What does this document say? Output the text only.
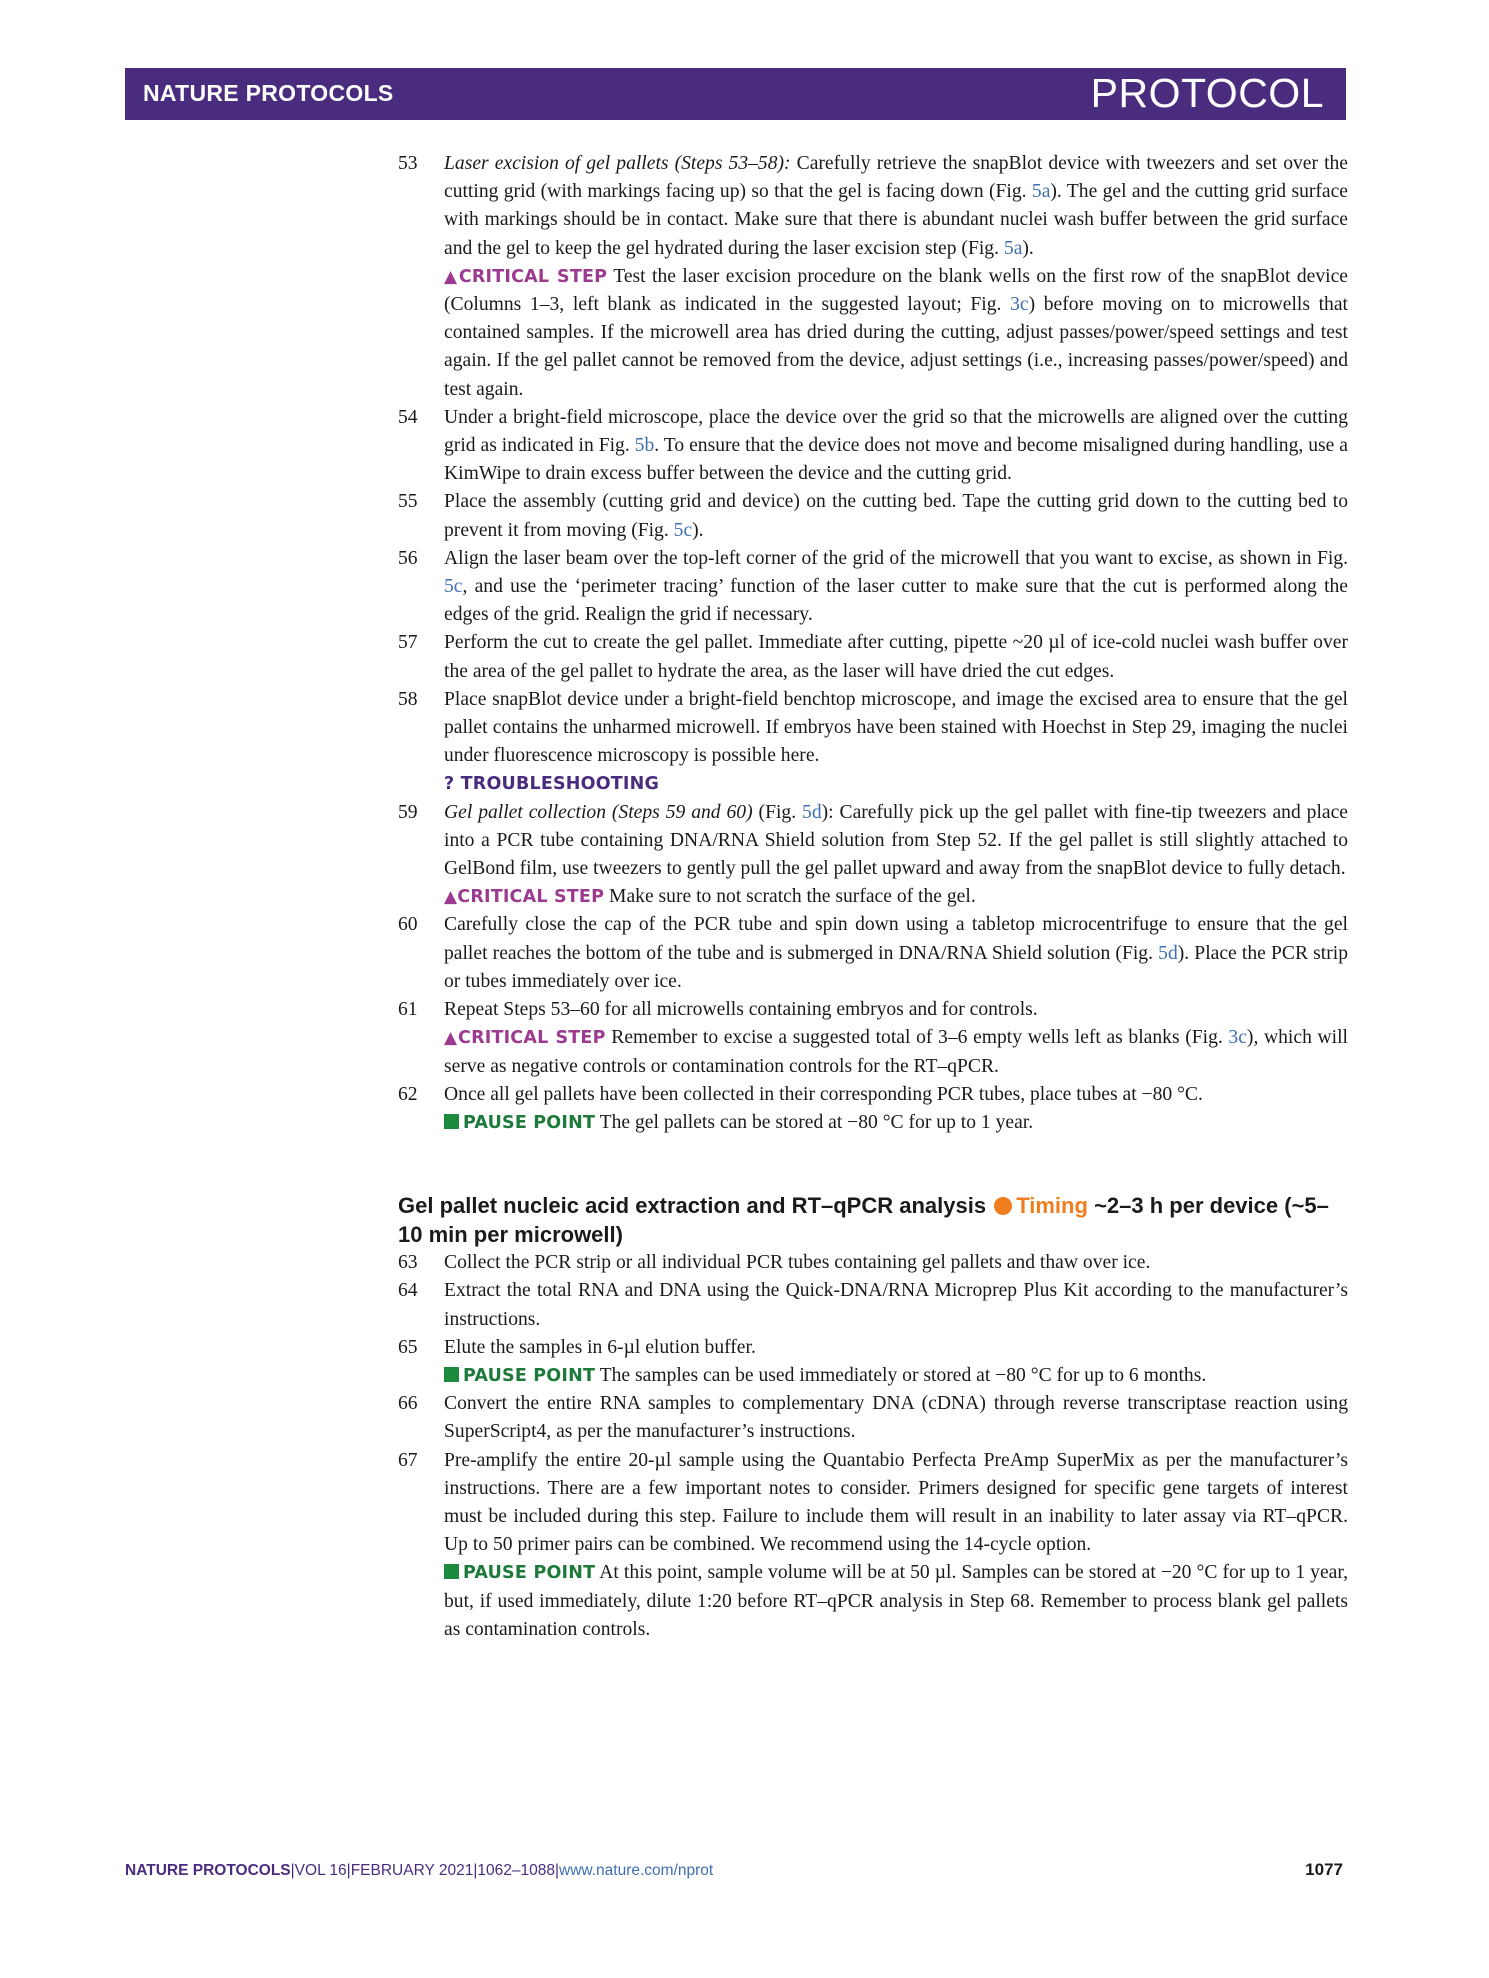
NATURE PROTOCOLS	PROTOCOL
53 Laser excision of gel pallets (Steps 53–58): Carefully retrieve the snapBlot device with tweezers and set over the cutting grid (with markings facing up) so that the gel is facing down (Fig. 5a). The gel and the cutting grid surface with markings should be in contact. Make sure that there is abundant nuclei wash buffer between the grid surface and the gel to keep the gel hydrated during the laser excision step (Fig. 5a).
▲CRITICAL STEP Test the laser excision procedure on the blank wells on the first row of the snapBlot device (Columns 1–3, left blank as indicated in the suggested layout; Fig. 3c) before moving on to microwells that contained samples. If the microwell area has dried during the cutting, adjust passes/power/speed settings and test again. If the gel pallet cannot be removed from the device, adjust settings (i.e., increasing passes/power/speed) and test again.
54 Under a bright-field microscope, place the device over the grid so that the microwells are aligned over the cutting grid as indicated in Fig. 5b. To ensure that the device does not move and become misaligned during handling, use a KimWipe to drain excess buffer between the device and the cutting grid.
55 Place the assembly (cutting grid and device) on the cutting bed. Tape the cutting grid down to the cutting bed to prevent it from moving (Fig. 5c).
56 Align the laser beam over the top-left corner of the grid of the microwell that you want to excise, as shown in Fig. 5c, and use the ‘perimeter tracing’ function of the laser cutter to make sure that the cut is performed along the edges of the grid. Realign the grid if necessary.
57 Perform the cut to create the gel pallet. Immediate after cutting, pipette ~20 µl of ice-cold nuclei wash buffer over the area of the gel pallet to hydrate the area, as the laser will have dried the cut edges.
58 Place snapBlot device under a bright-field benchtop microscope, and image the excised area to ensure that the gel pallet contains the unharmed microwell. If embryos have been stained with Hoechst in Step 29, imaging the nuclei under fluorescence microscopy is possible here.
? TROUBLESHOOTING
59 Gel pallet collection (Steps 59 and 60) (Fig. 5d): Carefully pick up the gel pallet with fine-tip tweezers and place into a PCR tube containing DNA/RNA Shield solution from Step 52. If the gel pallet is still slightly attached to GelBond film, use tweezers to gently pull the gel pallet upward and away from the snapBlot device to fully detach.
▲CRITICAL STEP Make sure to not scratch the surface of the gel.
60 Carefully close the cap of the PCR tube and spin down using a tabletop microcentrifuge to ensure that the gel pallet reaches the bottom of the tube and is submerged in DNA/RNA Shield solution (Fig. 5d). Place the PCR strip or tubes immediately over ice.
61 Repeat Steps 53–60 for all microwells containing embryos and for controls.
▲CRITICAL STEP Remember to excise a suggested total of 3–6 empty wells left as blanks (Fig. 3c), which will serve as negative controls or contamination controls for the RT–qPCR.
62 Once all gel pallets have been collected in their corresponding PCR tubes, place tubes at −80 °C.
PAUSE POINT The gel pallets can be stored at −80 °C for up to 1 year.
Gel pallet nucleic acid extraction and RT–qPCR analysis Timing ~2–3 h per device (~5–10 min per microwell)
63 Collect the PCR strip or all individual PCR tubes containing gel pallets and thaw over ice.
64 Extract the total RNA and DNA using the Quick-DNA/RNA Microprep Plus Kit according to the manufacturer’s instructions.
65 Elute the samples in 6-µl elution buffer.
PAUSE POINT The samples can be used immediately or stored at −80 °C for up to 6 months.
66 Convert the entire RNA samples to complementary DNA (cDNA) through reverse transcriptase reaction using SuperScript4, as per the manufacturer’s instructions.
67 Pre-amplify the entire 20-µl sample using the Quantabio Perfecta PreAmp SuperMix as per the manufacturer’s instructions. There are a few important notes to consider. Primers designed for specific gene targets of interest must be included during this step. Failure to include them will result in an inability to later assay via RT–qPCR. Up to 50 primer pairs can be combined. We recommend using the 14-cycle option.
PAUSE POINT At this point, sample volume will be at 50 µl. Samples can be stored at −20 °C for up to 1 year, but, if used immediately, dilute 1:20 before RT–qPCR analysis in Step 68. Remember to process blank gel pallets as contamination controls.
NATURE PROTOCOLS|VOL 16|FEBRUARY 2021|1062–1088|www.nature.com/nprot	1077
